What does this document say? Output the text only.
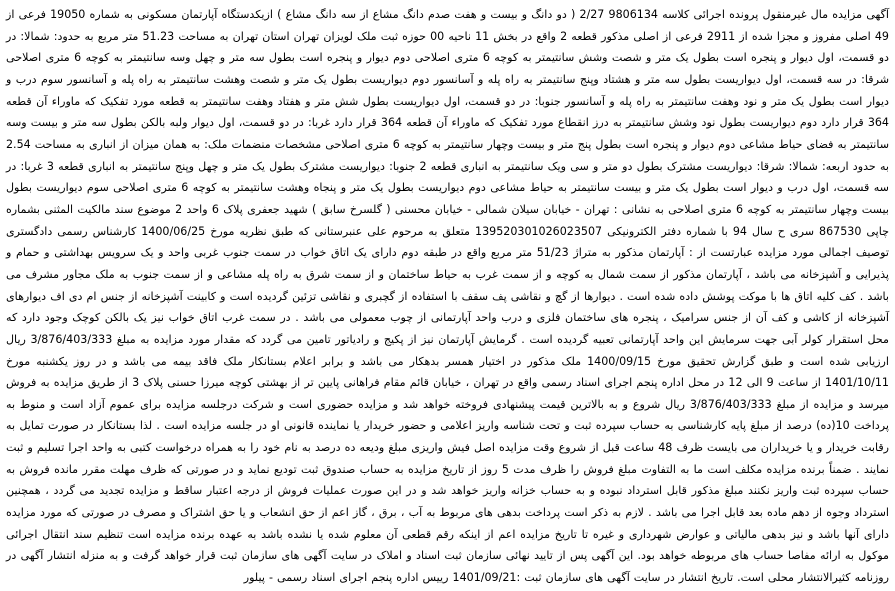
آگهی مزایده مال غیرمنقول پرونده اجرائی کلاسه 9806134 2/27 ( دو دانگ و بیست و هفت صدم دانگ مشاع از سه دانگ مشاع ) ازیکدستگاه آپارتمان مسکونی به شماره 19050 فرعی از 49 اصلی مفروز و مجزا شده از 2911 فرعی از اصلی مذکور قطعه 2 واقع در بخش 11 ناحیه 00 حوزه ثبت ملک لویزان تهران استان تهران به مساحت 51.23 متر مربع به حدود: شمالا: در دو قسمت، اول دیوار و پنجره است بطول یک متر و شصت وشش سانتیمتر به کوچه 6 متری اصلاحی دوم دیوار و پنجره است بطول سه متر و چهل وسه سانتیمتر به کوچه 6 متری اصلاحی شرقا: در سه قسمت، اول دیواریست بطول سه متر و هشتاد وپنج سانتیمتر به راه پله و آسانسور دوم دیواریست بطول یک متر و شصت وهشت سانتیمتر به راه پله و آسانسور سوم درب و دیوار است بطول یک متر و نود وهفت سانتیمتر به راه پله و آسانسور جنوبا: در دو قسمت، اول دیواریست بطول شش متر و هفتاد وهفت سانتیمتر به قطعه مورد تفکیک که ماوراء آن قطعه 364 قرار دارد دوم دیواریست بطول نود وشش سانتیمتر به درز انقطاع مورد تفکیک که ماوراء آن قطعه 364 قرار دارد غربا: در دو قسمت، اول دیوار ولبه بالکن بطول سه متر و بیست وسه سانتیمتر به فضای حیاط مشاعی دوم دیوار و پنجره است بطول پنج متر و بیست وچهار سانتیمتر به کوچه 6 متری اصلاحی مشخصات منضمات ملک: به همان میزان از انباری به مساحت 2.54 به حدود اربعه: شمالا: شرقا: دیواریست مشترک بطول دو متر و سی ویک سانتیمتر به انباری قطعه 2 جنوبا: دیواریست مشترک بطول یک متر و چهل وپنج سانتیمتر به انباری قطعه 3 غربا: در سه قسمت، اول درب و دیوار است بطول یک متر و بیست سانتیمتر به حیاط مشاعی دوم دیواریست بطول یک متر و پنجاه وهشت سانتیمتر به کوچه 6 متری اصلاحی سوم دیواریست بطول بیست وچهار سانتیمتر به کوچه 6 متری اصلاحی به نشانی : تهران - خیابان سیلان شمالی - خیابان محسنی ( گلسرخ سابق ) شهید جعفری پلاک 6 واحد 2 موضوع سند مالکیت المثنی بشماره چاپی 867530 سری ح سال 94 با شماره دفتر الکترونیکی 139520301026023507 متعلق به مرحوم علی عنبرستانی که طبق نظریه مورخ 1400/06/25 کارشناس رسمی دادگستری توصیف اجمالی مورد مزایده عبارتست از : آپارتمان مذکور به متراژ 51/23 متر مربع واقع در طبقه دوم دارای یک اتاق خواب در سمت جنوب غربی واحد و یک سرویس بهداشتی و حمام و پذیرایی و آشپزخانه می باشد ، آپارتمان مذکور از سمت شمال به کوچه و از سمت غرب به حیاط ساختمان و از سمت شرق به راه پله مشاعی و از سمت جنوب به ملک مجاور مشرف می باشد . کف کلیه اتاق ها با موکت پوشش داده شده است . دیوارها از گچ و نقاشی پف سقف با استفاده از گچبری و نقاشی تزئین گردیده است و کابینت آشپزخانه از جنس ام دی اف دیوارهای آشپزخانه از کاشی و کف آن از جنس سرامیک ، پنجره های ساختمان فلزی و درب واحد آپارتمانی از چوب معمولی می باشد . در سمت غرب اتاق خواب نیز یک بالکن کوچک وجود دارد که محل استقرار کولر آبی جهت سرمایش این واحد آپارتمانی تعبیه گردیده است . گرمایش آپارتمان نیز از پکیج و رادیاتور تامین می گردد که مقدار مورد مزایده به مبلغ 3/876/403/333 ریال ارزیابی شده است و طبق گزارش تحقیق مورخ 1400/09/15 ملک مذکور در اختیار همسر بدهکار می باشد و برابر اعلام بستانکار ملک فاقد بیمه می باشد و در روز یکشنبه مورخ 1401/10/11 از ساعت 9 الی 12 در محل اداره پنجم اجرای اسناد رسمی واقع در تهران ، خیابان قائم مقام فراهانی پایین تر از بهشتی کوچه میرزا حسنی پلاک 3 از طریق مزایده به فروش میرسد و مزایده از مبلغ 3/876/403/333 ریال شروع و به بالاترین قیمت پیشنهادی فروخته خواهد شد و مزایده حضوری است و شرکت درجلسه مزایده برای عموم آزاد است و منوط به پرداخت 10(ده) درصد از مبلغ پایه کارشناسی به حساب سپرده ثبت و تحت شناسه واریز اعلامی و حضور خریدار یا نماینده قانونی او در جلسه مزایده است . لذا بستانکار در صورت تمایل به رقابت خریدار و یا خریداران می بایست ظرف 48 ساعت قبل از شروع وقت مزایده اصل فیش واریزی مبلغ ودیعه ده درصد به نام خود را به همراه درخواست کتبی به واحد اجرا تسلیم و ثبت نمایند . ضمناً برنده مزایده مکلف است ما به التفاوت مبلغ فروش را ظرف مدت 5 روز از تاریخ مزایده به حساب صندوق ثبت تودیع نماید و در صورتی که ظرف مهلت مقرر مانده فروش به حساب سپرده ثبت واریز نکنند مبلغ مذکور قابل استرداد نبوده و به حساب خزانه واریز خواهد شد و در این صورت عملیات فروش از درجه اعتبار ساقط و مزایده تجدید می گردد ، همچنین استرداد وجوه از دهم ماده بعد قابل اجرا می باشد . لازم به ذکر است پرداخت بدهی های مربوط به آب ، برق ، گاز اعم از حق انشعاب و یا حق اشتراک و مصرف در صورتی که مورد مزایده دارای آنها باشد و نیز بدهی مالیاتی و عوارض شهرداری و غیره تا تاریخ مزایده اعم از اینکه رقم قطعی آن معلوم شده یا نشده باشد به عهده برنده مزایده است تنظیم سند انتقال اجرائی موکول به ارائه مفاصا حساب های مربوطه خواهد بود. این آگهی پس از تایید نهائی سازمان ثبت اسناد و املاک در سایت آگهی های سازمان ثبت قرار خواهد گرفت و به منزله انتشار آگهی در روزنامه کثیرالانتشار محلی است. تاریخ انتشار در سایت آگهی های سازمان ثبت :1401/09/21 رییس اداره پنجم اجرای اسناد رسمی - پیلور
